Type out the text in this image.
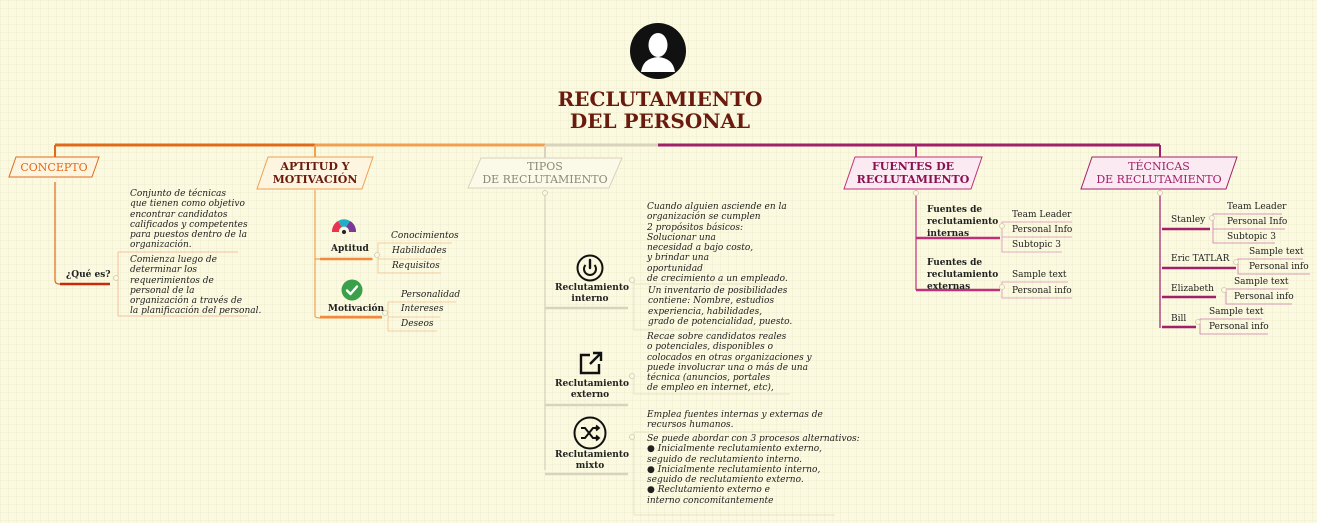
RECLUTAMIENTO
DEL PERSONAL
CONCEPTO
¿Qué es?
Conjunto de técnicas
que tienen como objetivo
encontrar candidatos
calificados y competentes
para puestos dentro de la
organización.
Comienza luego de
determinar los
requerimientos de
personal de la
organización a través de
la planificación del personal.
APTITUD Y
MOTIVACIÓN
Aptitud
Conocimientos
Habilidades
Requisitos
Motivación
Personalidad
Intereses
Deseos
TIPOS
DE RECLUTAMIENTO
Reclutamiento
interno
Cuando alguien asciende en la
organización se cumplen
2 propósitos básicos:
Solucionar una
necesidad a bajo costo,
y brindar una
oportunidad
de crecimiento a un empleado.
Un inventario de posibilidades
contiene: Nombre, estudios
experiencia, habilidades,
grado de potencialidad, puesto.
Reclutamiento
externo
Recae sobre candidatos reales
o potenciales, disponibles o
colocados en otras organizaciones y
puede involucrar una o más de una
técnica (anuncios, portales
de empleo en internet, etc),
Reclutamiento
mixto
Emplea fuentes internas y externas de
recursos humanos.
Se puede abordar con 3 procesos alternativos:
● Inicialmente reclutamiento externo,
seguido de reclutamiento interno.
● Inicialmente reclutamiento interno,
seguido de reclutamiento externo.
● Reclutamiento externo e
interno concomitantemente
FUENTES DE
RECLUTAMIENTO
Fuentes de
reclutamiento
internas
Team Leader
Personal Info
Subtopic 3
Fuentes de
reclutamiento
externas
Sample text
Personal info
TÉCNICAS
DE RECLUTAMIENTO
Stanley
Team Leader
Personal Info
Subtopic 3
Eric TATLAR
Sample text
Personal info
Elizabeth
Sample text
Personal info
Bill
Sample text
Personal info
